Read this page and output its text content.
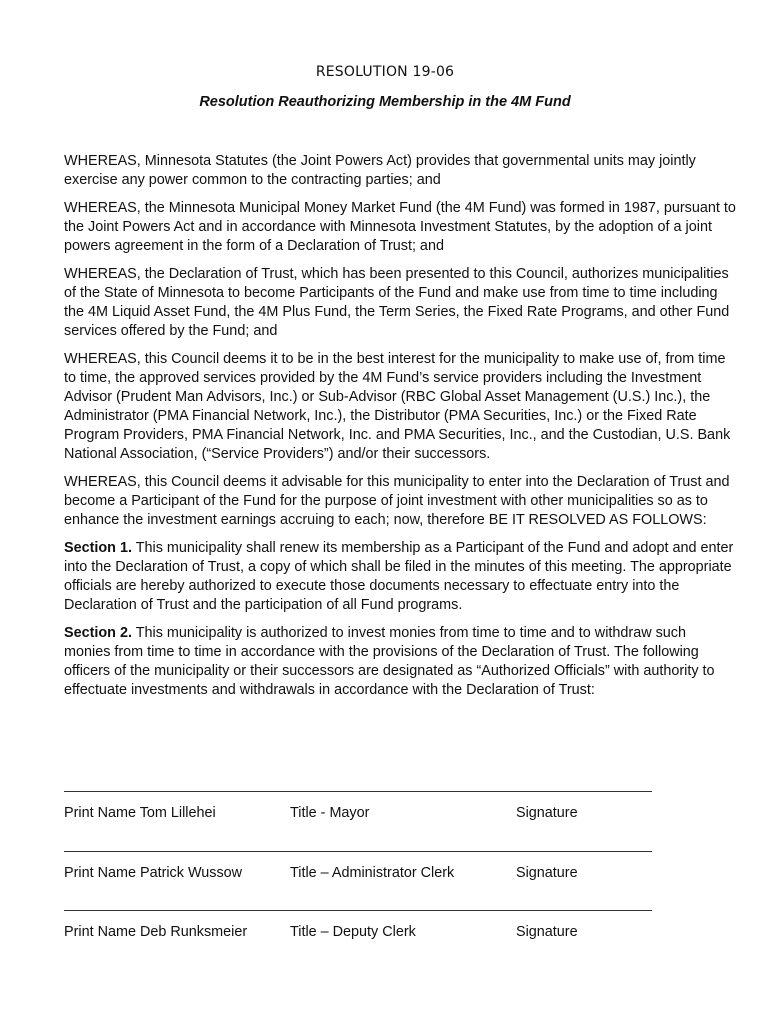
RESOLUTION 19-06
Resolution Reauthorizing Membership in the 4M Fund

WHEREAS, Minnesota Statutes (the Joint Powers Act) provides that governmental units may jointly exercise any power common to the contracting parties; and

WHEREAS, the Minnesota Municipal Money Market Fund (the 4M Fund) was formed in 1987, pursuant to the Joint Powers Act and in accordance with Minnesota Investment Statutes, by the adoption of a joint powers agreement in the form of a Declaration of Trust; and

WHEREAS, the Declaration of Trust, which has been presented to this Council, authorizes municipalities of the State of Minnesota to become Participants of the Fund and make use from time to time including the 4M Liquid Asset Fund, the 4M Plus Fund, the Term Series, the Fixed Rate Programs, and other Fund services offered by the Fund; and

WHEREAS, this Council deems it to be in the best interest for the municipality to make use of, from time to time, the approved services provided by the 4M Fund’s service providers including the Investment Advisor (Prudent Man Advisors, Inc.) or Sub-Advisor (RBC Global Asset Management (U.S.) Inc.), the Administrator (PMA Financial Network, Inc.), the Distributor (PMA Securities, Inc.) or the Fixed Rate Program Providers, PMA Financial Network, Inc. and PMA Securities, Inc., and the Custodian, U.S. Bank National Association, (“Service Providers”) and/or their successors.

WHEREAS, this Council deems it advisable for this municipality to enter into the Declaration of Trust and become a Participant of the Fund for the purpose of joint investment with other municipalities so as to enhance the investment earnings accruing to each; now, therefore BE IT RESOLVED AS FOLLOWS:

Section 1. This municipality shall renew its membership as a Participant of the Fund and adopt and enter into the Declaration of Trust, a copy of which shall be filed in the minutes of this meeting. The appropriate officials are hereby authorized to execute those documents necessary to effectuate entry into the Declaration of Trust and the participation of all Fund programs.

Section 2. This municipality is authorized to invest monies from time to time and to withdraw such monies from time to time in accordance with the provisions of the Declaration of Trust. The following officers of the municipality or their successors are designated as “Authorized Officials” with authority to effectuate investments and withdrawals in accordance with the Declaration of Trust:

Print Name Tom Lillehei	Title - Mayor	Signature
Print Name Patrick Wussow	Title – Administrator Clerk	Signature
Print Name Deb Runksmeier	Title – Deputy Clerk	Signature
